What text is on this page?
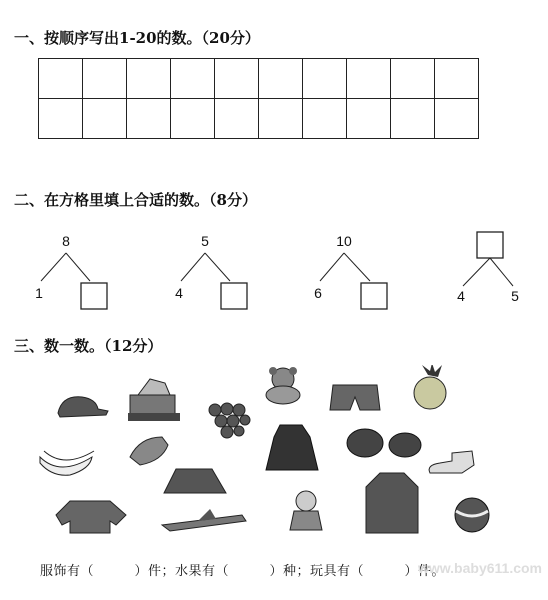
一、按顺序写出1-20的数。（20分）
二、在方格里填上合适的数。（8分）
8
1
5
4
10
6	4	5
三、数一数。（12分）
服饰有（　　　）件；水果有（　　　）种；玩具有（　　　）件。
www.baby611.com
